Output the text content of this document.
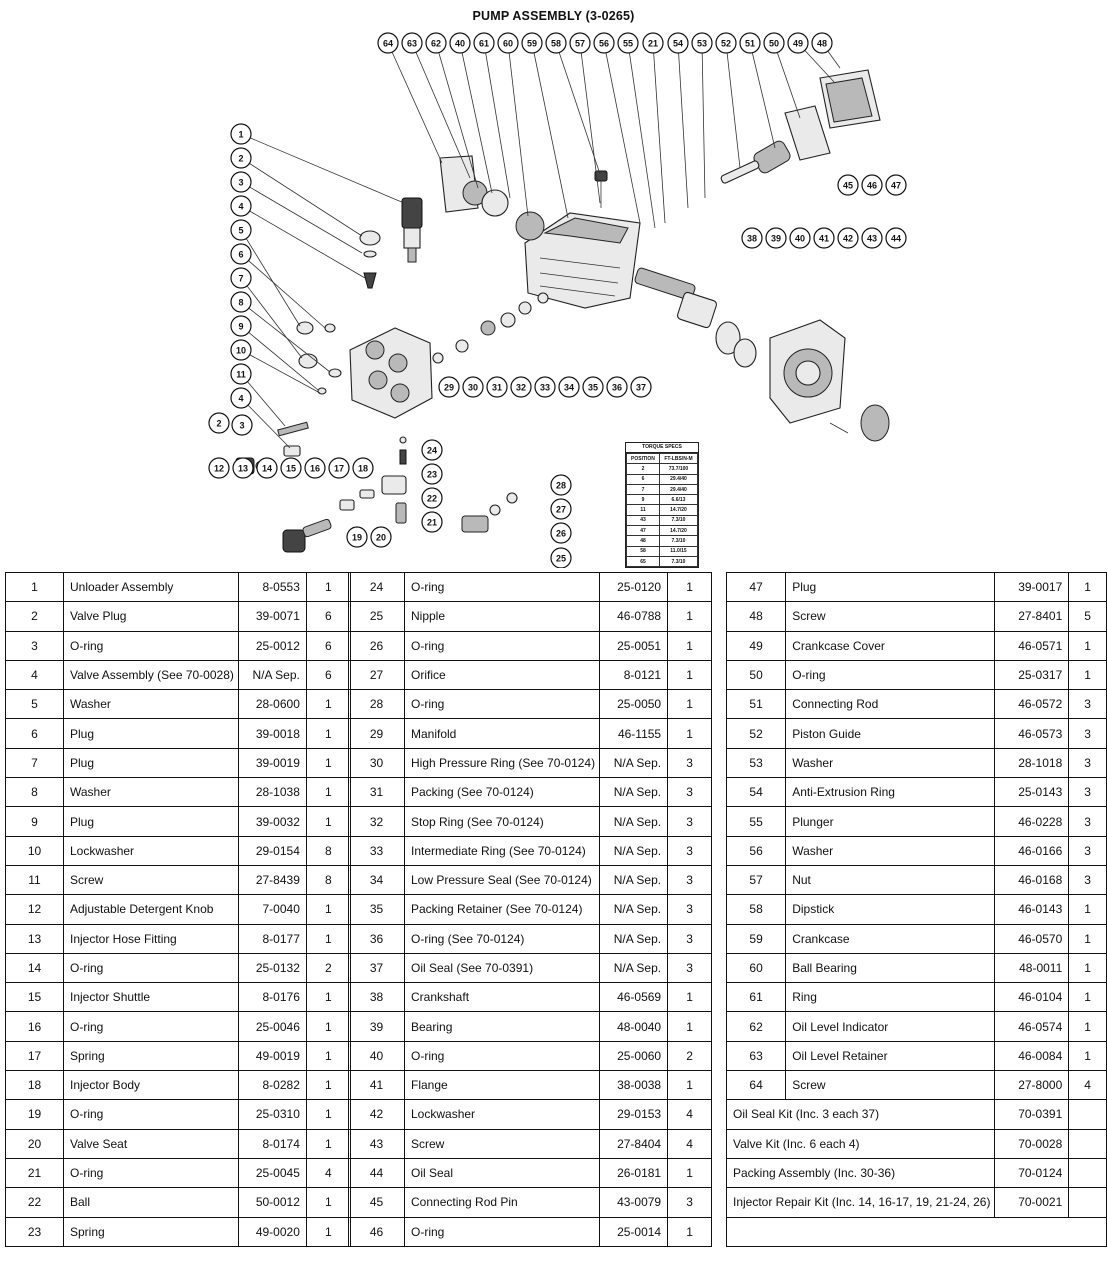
PUMP ASSEMBLY (3-0265)
64 63 62 40 61 60 59 58 57 56 55 21 54 53 52 51 50 49 48
1
2
3
4
5
6
7
8
9
10
11
4
3
2
45 46 47
38 39 40 41 42 43 44
29 30 31 32 33 34 35 36 37
24
23
22
21
12 13 14 15 16 17 18
19 20
28
27
26
25
TORQUE SPECS
POSITION	FT-LBS/N-M
2	73.7/100
6	29.4/40
7	29.4/40
9	6.6/13
11	14.7/20
43	7.3/10
47	14.7/20
48	7.3/10
58	11.0/15
65	7.3/10
1	Unloader Assembly	8-0553	1
2	Valve Plug	39-0071	6
3	O-ring	25-0012	6
4	Valve Assembly (See 70-0028)	N/A Sep.	6
5	Washer	28-0600	1
6	Plug	39-0018	1
7	Plug	39-0019	1
8	Washer	28-1038	1
9	Plug	39-0032	1
10	Lockwasher	29-0154	8
11	Screw	27-8439	8
12	Adjustable Detergent Knob	7-0040	1
13	Injector Hose Fitting	8-0177	1
14	O-ring	25-0132	2
15	Injector Shuttle	8-0176	1
16	O-ring	25-0046	1
17	Spring	49-0019	1
18	Injector Body	8-0282	1
19	O-ring	25-0310	1
20	Valve Seat	8-0174	1
21	O-ring	25-0045	4
22	Ball	50-0012	1
23	Spring	49-0020	1
24	O-ring	25-0120	1
25	Nipple	46-0788	1
26	O-ring	25-0051	1
27	Orifice	8-0121	1
28	O-ring	25-0050	1
29	Manifold	46-1155	1
30	High Pressure Ring (See 70-0124)	N/A Sep.	3
31	Packing (See 70-0124)	N/A Sep.	3
32	Stop Ring (See 70-0124)	N/A Sep.	3
33	Intermediate Ring (See 70-0124)	N/A Sep.	3
34	Low Pressure Seal (See 70-0124)	N/A Sep.	3
35	Packing Retainer (See 70-0124)	N/A Sep.	3
36	O-ring (See 70-0124)	N/A Sep.	3
37	Oil Seal (See 70-0391)	N/A Sep.	3
38	Crankshaft	46-0569	1
39	Bearing	48-0040	1
40	O-ring	25-0060	2
41	Flange	38-0038	1
42	Lockwasher	29-0153	4
43	Screw	27-8404	4
44	Oil Seal	26-0181	1
45	Connecting Rod Pin	43-0079	3
46	O-ring	25-0014	1
47	Plug	39-0017	1
48	Screw	27-8401	5
49	Crankcase Cover	46-0571	1
50	O-ring	25-0317	1
51	Connecting Rod	46-0572	3
52	Piston Guide	46-0573	3
53	Washer	28-1018	3
54	Anti-Extrusion Ring	25-0143	3
55	Plunger	46-0228	3
56	Washer	46-0166	3
57	Nut	46-0168	3
58	Dipstick	46-0143	1
59	Crankcase	46-0570	1
60	Ball Bearing	48-0011	1
61	Ring	46-0104	1
62	Oil Level Indicator	46-0574	1
63	Oil Level Retainer	46-0084	1
64	Screw	27-8000	4
Oil Seal Kit (Inc. 3 each 37)		70-0391	
Valve Kit (Inc. 6 each 4)		70-0028	
Packing Assembly (Inc. 30-36)		70-0124	
Injector Repair Kit (Inc. 14, 16-17, 19, 21-24, 26)		70-0021	
